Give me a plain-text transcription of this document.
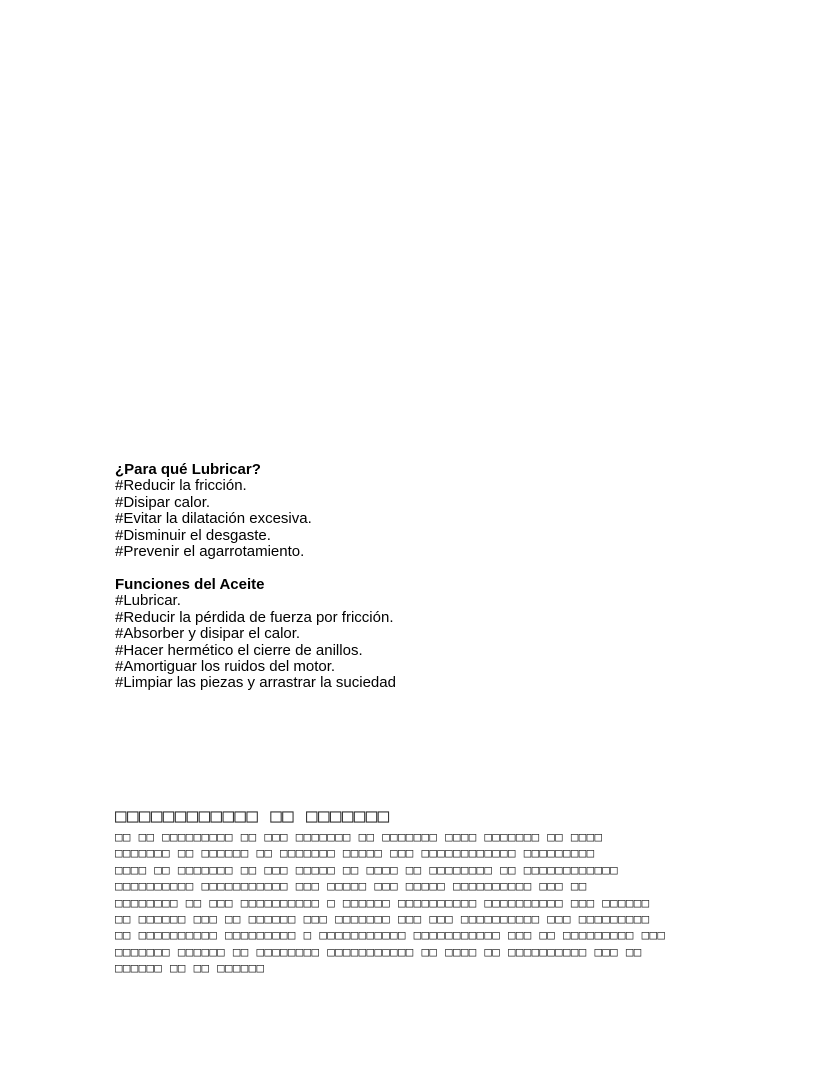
¿Para qué Lubricar?
#Reducir la fricción.
#Disipar calor.
#Evitar la dilatación excesiva.
#Disminuir el desgaste.
#Prevenir el agarrotamiento.
Funciones del Aceite
#Lubricar.
#Reducir la pérdida de fuerza por fricción.
#Absorber y disipar el calor.
#Hacer hermético el cierre de anillos.
#Amortiguar los ruidos del motor.
#Limpiar las piezas y arrastrar la suciedad
□□□□□□□□□□□□ □□ □□□□□□□
□□ □□ □□□□□□□□□ □□ □□□ □□□□□□□ □□ □□□□□□□ □□□□ □□□□□□□ □□ □□□□
□□□□□□□ □□ □□□□□□ □□ □□□□□□□ □□□□□ □□□ □□□□□□□□□□□□ □□□□□□□□□
□□□□ □□ □□□□□□□ □□ □□□ □□□□□ □□ □□□□ □□ □□□□□□□□ □□ □□□□□□□□□□□□
□□□□□□□□□□ □□□□□□□□□□□ □□□ □□□□□ □□□ □□□□□ □□□□□□□□□□ □□□ □□
□□□□□□□□ □□ □□□ □□□□□□□□□□ □ □□□□□□ □□□□□□□□□□ □□□□□□□□□□ □□□ □□□□□□
□□ □□□□□□ □□□ □□ □□□□□□ □□□ □□□□□□□ □□□ □□□ □□□□□□□□□□ □□□ □□□□□□□□□
□□ □□□□□□□□□□ □□□□□□□□□ □ □□□□□□□□□□□ □□□□□□□□□□□ □□□ □□ □□□□□□□□□ □□□
□□□□□□□ □□□□□□ □□ □□□□□□□□ □□□□□□□□□□□ □□ □□□□ □□ □□□□□□□□□□ □□□ □□
□□□□□□ □□ □□ □□□□□□
